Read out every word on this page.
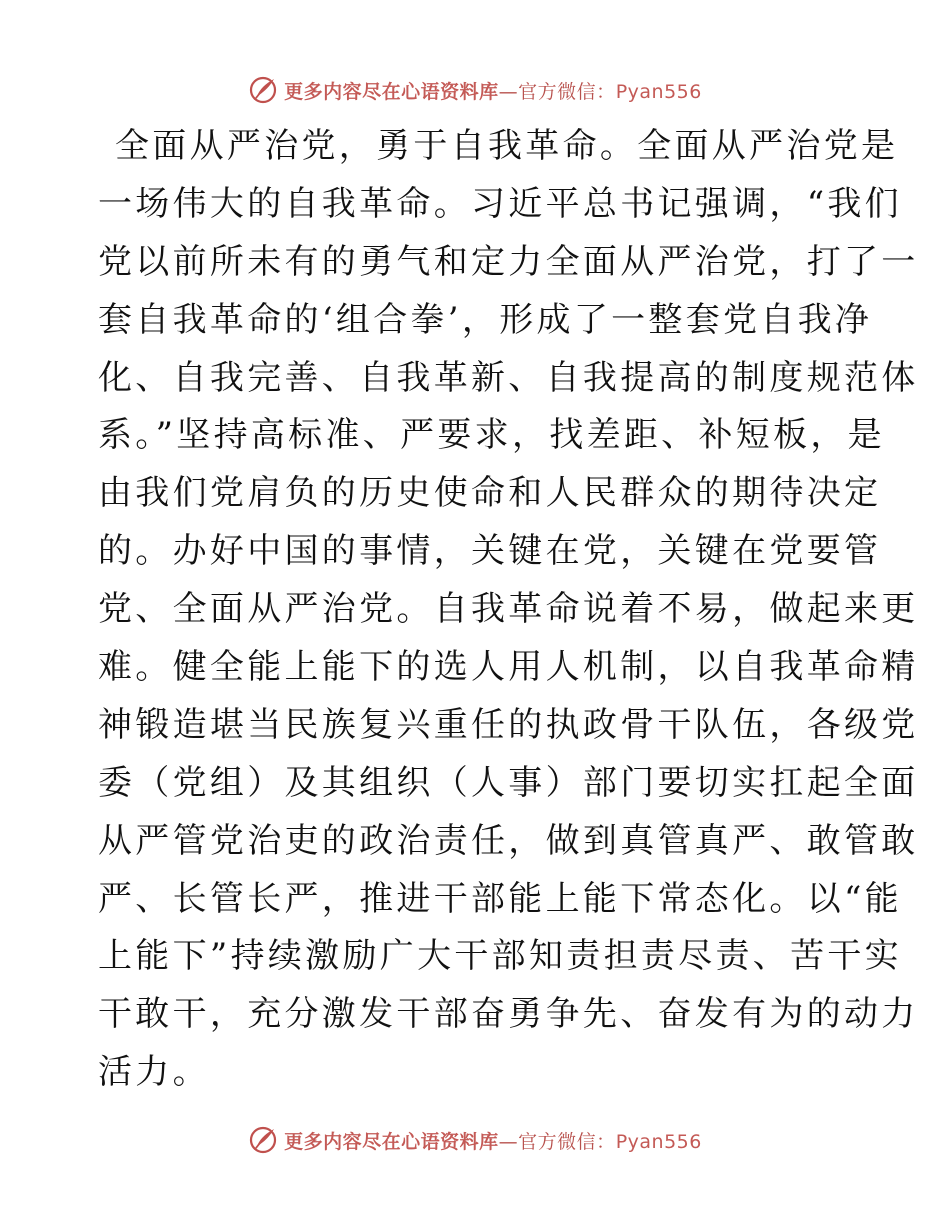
更多内容尽在心语资料库—官方微信：Pyan556
全面从严治党，勇于自我革命。全面从严治党是
一场伟大的自我革命。习近平总书记强调，“我们
党以前所未有的勇气和定力全面从严治党，打了一
套自我革命的‘组合拳’，形成了一整套党自我净
化、自我完善、自我革新、自我提高的制度规范体
系。”坚持高标准、严要求，找差距、补短板，是
由我们党肩负的历史使命和人民群众的期待决定
的。办好中国的事情，关键在党，关键在党要管
党、全面从严治党。自我革命说着不易，做起来更
难。健全能上能下的选人用人机制，以自我革命精
神锻造堪当民族复兴重任的执政骨干队伍，各级党
委（党组）及其组织（人事）部门要切实扛起全面
从严管党治吏的政治责任，做到真管真严、敢管敢
严、长管长严，推进干部能上能下常态化。以“能
上能下”持续激励广大干部知责担责尽责、苦干实
干敢干，充分激发干部奋勇争先、奋发有为的动力
活力。
更多内容尽在心语资料库—官方微信：Pyan556
